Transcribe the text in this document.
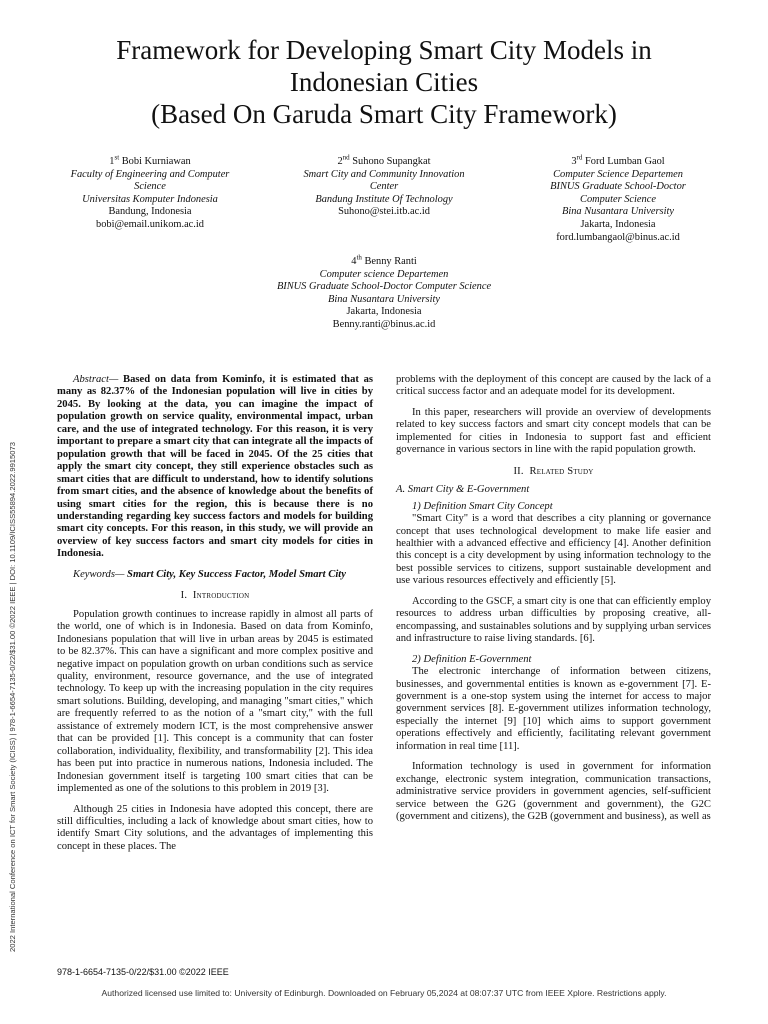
Framework for Developing Smart City Models in
Indonesian Cities
(Based On Garuda Smart City Framework)
1st Bobi Kurniawan
Faculty of Engineering and Computer
Science
Universitas Komputer Indonesia
Bandung, Indonesia
bobi@email.unikom.ac.id
2nd Suhono Supangkat
Smart City and Community Innovation
Center
Bandung Institute Of Technology
Suhono@stei.itb.ac.id
3rd Ford Lumban Gaol
Computer Science Departemen
BINUS Graduate School-Doctor
Computer Science
Bina Nusantara University
Jakarta, Indonesia
ford.lumbangaol@binus.ac.id
4th Benny Ranti
Computer science Departemen
BINUS Graduate School-Doctor Computer Science
Bina Nusantara University
Jakarta, Indonesia
Benny.ranti@binus.ac.id
2022 International Conference on ICT for Smart Society (ICISS) | 978-1-6654-7135-0/22/$31.00 ©2022 IEEE | DOI: 10.1109/ICISS55894.2022.9915073

Abstract— Based on data from Kominfo, it is estimated that as many as 82.37% of the Indonesian population will live in cities by 2045. By looking at the data, you can imagine the impact of population growth on service quality, environmental impact, urban care, and the use of integrated technology. For this reason, it is very important to prepare a smart city that can integrate all the impacts of population growth that will be faced in 2045. Of the 25 cities that apply the smart city concept, they still experience obstacles such as smart cities that are difficult to understand, how to identify solutions from smart cities, and the absence of knowledge about the benefits of using smart cities for the region, this is because there is no understanding regarding key success factors and models for building smart city concepts. For this reason, in this study, we will provide an overview of key success factors and smart city models for cities in Indonesia.

Keywords— Smart City, Key Success Factor, Model Smart City

I. Introduction

Population growth continues to increase rapidly in almost all parts of the world, one of which is in Indonesia. Based on data from Kominfo, Indonesians population that will live in urban areas by 2045 is estimated to be 82.37%. This can have a significant and more complex positive and negative impact on population growth on urban conditions such as service quality, environment, resource governance, and the use of integrated technology. To keep up with the increasing population in the city requires smart solutions. Building, developing, and managing "smart cities," which are frequently referred to as the notion of a "smart city," with the full assistance of extremely modern ICT, is the most comprehensive answer that can be provided [1]. This concept is a community that can foster collaboration, individuality, flexibility, and transformability [2]. This idea has been put into practice in numerous nations, Indonesia included. The Indonesian government itself is targeting 100 smart cities that can be implemented as one of the solutions to this problem in 2019 [3].

Although 25 cities in Indonesia have adopted this concept, there are still difficulties, including a lack of knowledge about smart cities, how to identify Smart City solutions, and the advantages of implementing this concept in these places. The

problems with the deployment of this concept are caused by the lack of a critical success factor and an adequate model for its development.

In this paper, researchers will provide an overview of developments related to key success factors and smart city concept models that can be implemented for cities in Indonesia to support fast and efficient governance in various sectors in line with the rapid population growth.

II. Related Study
A. Smart City & E-Government
1) Definition Smart City Concept

"Smart City" is a word that describes a city planning or governance concept that uses technological development to make life easier and healthier with a advanced effective and efficiency [4]. Another definition this concept is a city development by using information technology to the best possible services to citizens, support sustainable development and use various resources effectively and efficiently [5].

According to the GSCF, a smart city is one that can efficiently employ resources to address urban difficulties by proposing creative, all-encompassing, and sustainables solutions and by supplying urban services and infrastructure to raise living standards. [6].

2) Definition E-Government

The electronic interchange of information between citizens, businesses, and governmental entities is known as e-government [7]. E-government is a one-stop system using the internet for access to major government services [8]. E-government utilizes information technology, especially the internet [9] [10] which aims to support government operations effectively and efficiently, facilitating relevant government information in real time [11].

Information technology is used in government for information exchange, electronic system integration, communication transactions, administrative service providers in government agencies, self-sufficient service between the G2G (government and government), the G2C (government and citizens), the G2B (government and business), as well as

978-1-6654-7135-0/22/$31.00 ©2022 IEEE
Authorized licensed use limited to: University of Edinburgh. Downloaded on February 05,2024 at 08:07:37 UTC from IEEE Xplore. Restrictions apply.
